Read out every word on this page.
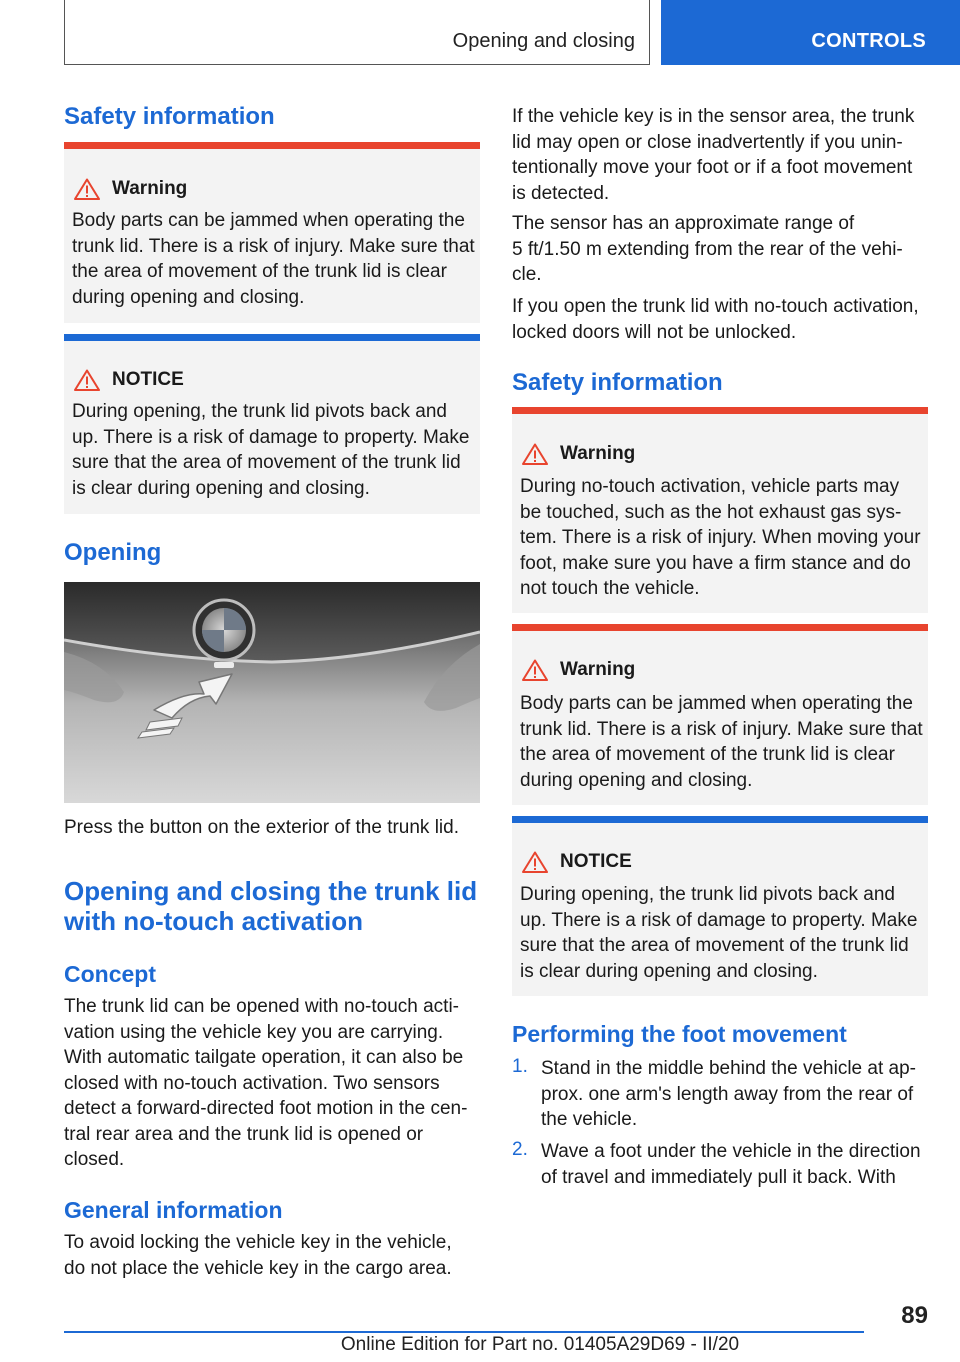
Opening and closing	CONTROLS
Safety information
Warning
Body parts can be jammed when operating the
trunk lid. There is a risk of injury. Make sure that
the area of movement of the trunk lid is clear
during opening and closing.
NOTICE
During opening, the trunk lid pivots back and
up. There is a risk of damage to property. Make
sure that the area of movement of the trunk lid
is clear during opening and closing.
Opening
Press the button on the exterior of the trunk lid.
Opening and closing the trunk lid
with no-touch activation
Concept
The trunk lid can be opened with no-touch acti-
vation using the vehicle key you are carrying.
With automatic tailgate operation, it can also be
closed with no-touch activation. Two sensors
detect a forward-directed foot motion in the cen-
tral rear area and the trunk lid is opened or
closed.
General information
To avoid locking the vehicle key in the vehicle,
do not place the vehicle key in the cargo area.
If the vehicle key is in the sensor area, the trunk
lid may open or close inadvertently if you unin-
tentionally move your foot or if a foot movement
is detected.
The sensor has an approximate range of
5 ft/1.50 m extending from the rear of the vehi-
cle.
If you open the trunk lid with no-touch activation,
locked doors will not be unlocked.
Safety information
Warning
During no-touch activation, vehicle parts may
be touched, such as the hot exhaust gas sys-
tem. There is a risk of injury. When moving your
foot, make sure you have a firm stance and do
not touch the vehicle.
Warning
Body parts can be jammed when operating the
trunk lid. There is a risk of injury. Make sure that
the area of movement of the trunk lid is clear
during opening and closing.
NOTICE
During opening, the trunk lid pivots back and
up. There is a risk of damage to property. Make
sure that the area of movement of the trunk lid
is clear during opening and closing.
Performing the foot movement
1. Stand in the middle behind the vehicle at ap-
prox. one arm's length away from the rear of
the vehicle.
2. Wave a foot under the vehicle in the direction
of travel and immediately pull it back. With
89
Online Edition for Part no. 01405A29D69 - II/20
